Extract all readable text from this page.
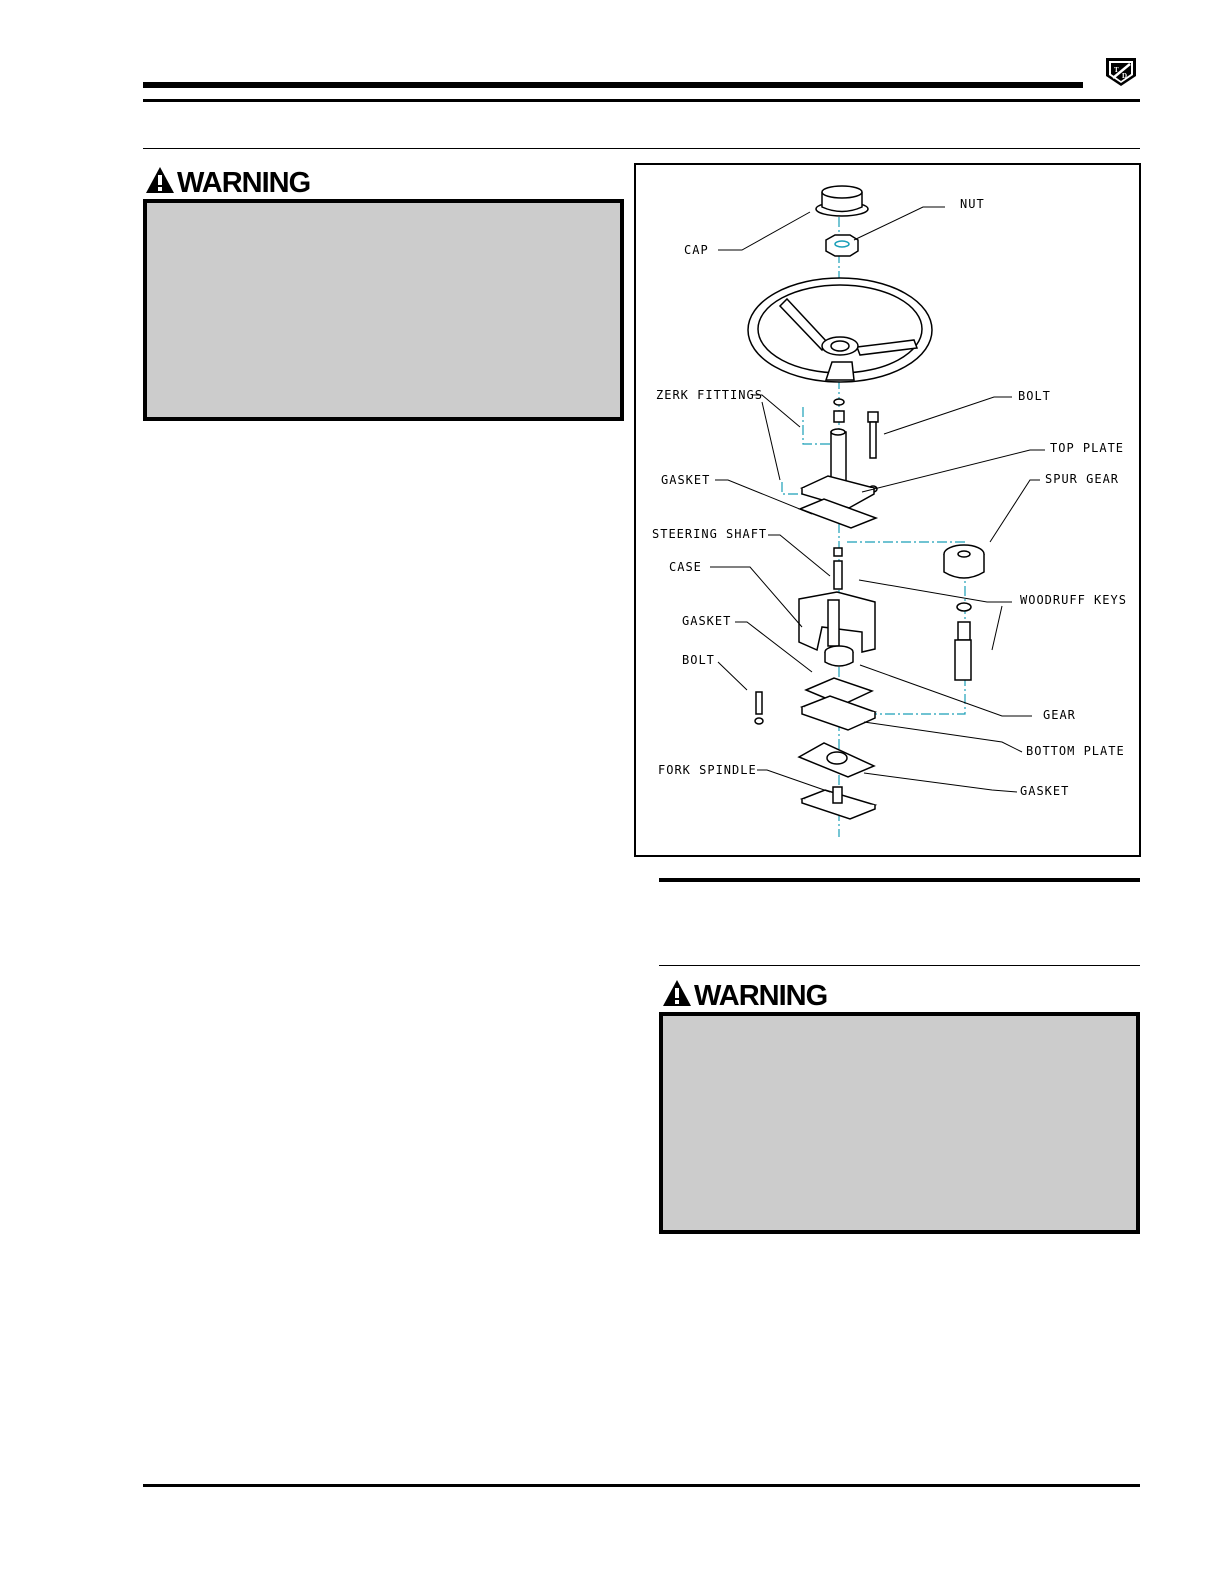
T
D
WARNING
CAP
NUT
ZERK FITTINGS	BOLT
TOP PLATE
GASKET	SPUR GEAR
STEERING SHAFT
CASE
WOODRUFF KEYS
GASKET
BOLT
GEAR
BOTTOM PLATE
FORK SPINDLE
GASKET
WARNING
